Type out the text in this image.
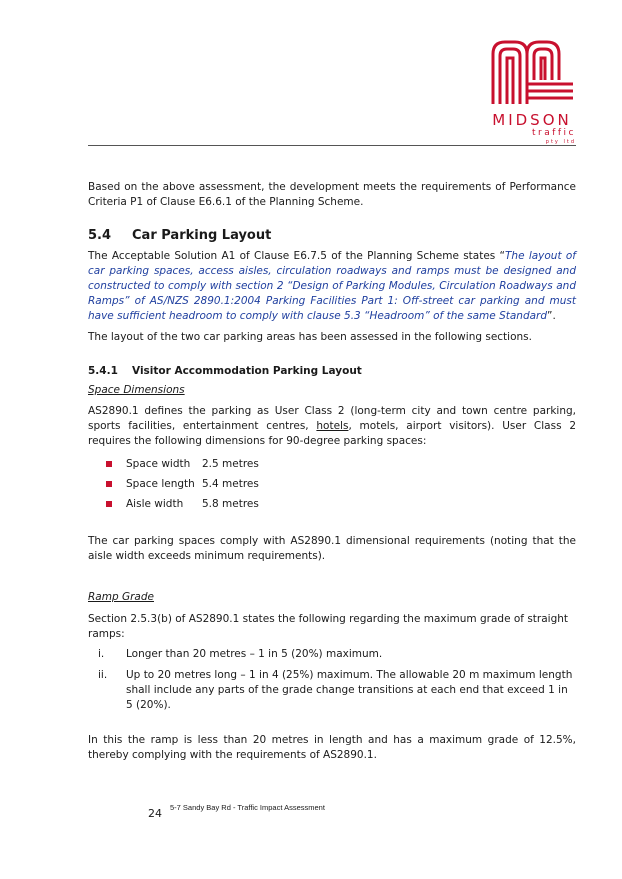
MIDSON
traffic
pty ltd

Based on the above assessment, the development meets the requirements of Performance Criteria P1 of Clause E6.6.1 of the Planning Scheme.

5.4	Car Parking Layout

The Acceptable Solution A1 of Clause E6.7.5 of the Planning Scheme states “The layout of car parking spaces, access aisles, circulation roadways and ramps must be designed and constructed to comply with section 2 “Design of Parking Modules, Circulation Roadways and Ramps” of AS/NZS 2890.1:2004 Parking Facilities Part 1: Off-street car parking and must have sufficient headroom to comply with clause 5.3 “Headroom” of the same Standard”.

The layout of the two car parking areas has been assessed in the following sections.

5.4.1	Visitor Accommodation Parking Layout

Space Dimensions

AS2890.1 defines the parking as User Class 2 (long-term city and town centre parking, sports facilities, entertainment centres, hotels, motels, airport visitors). User Class 2 requires the following dimensions for 90-degree parking spaces:

Space width	2.5 metres
Space length 5.4 metres
Aisle width	5.8 metres

The car parking spaces comply with AS2890.1 dimensional requirements (noting that the aisle width exceeds minimum requirements).

Ramp Grade

Section 2.5.3(b) of AS2890.1 states the following regarding the maximum grade of straight ramps:

i.	Longer than 20 metres – 1 in 5 (20%) maximum.
ii.	Up to 20 metres long – 1 in 4 (25%) maximum. The allowable 20 m maximum length shall include any parts of the grade change transitions at each end that exceed 1 in 5 (20%).

In this the ramp is less than 20 metres in length and has a maximum grade of 12.5%, thereby complying with the requirements of AS2890.1.

24 5-7 Sandy Bay Rd - Traffic Impact Assessment
